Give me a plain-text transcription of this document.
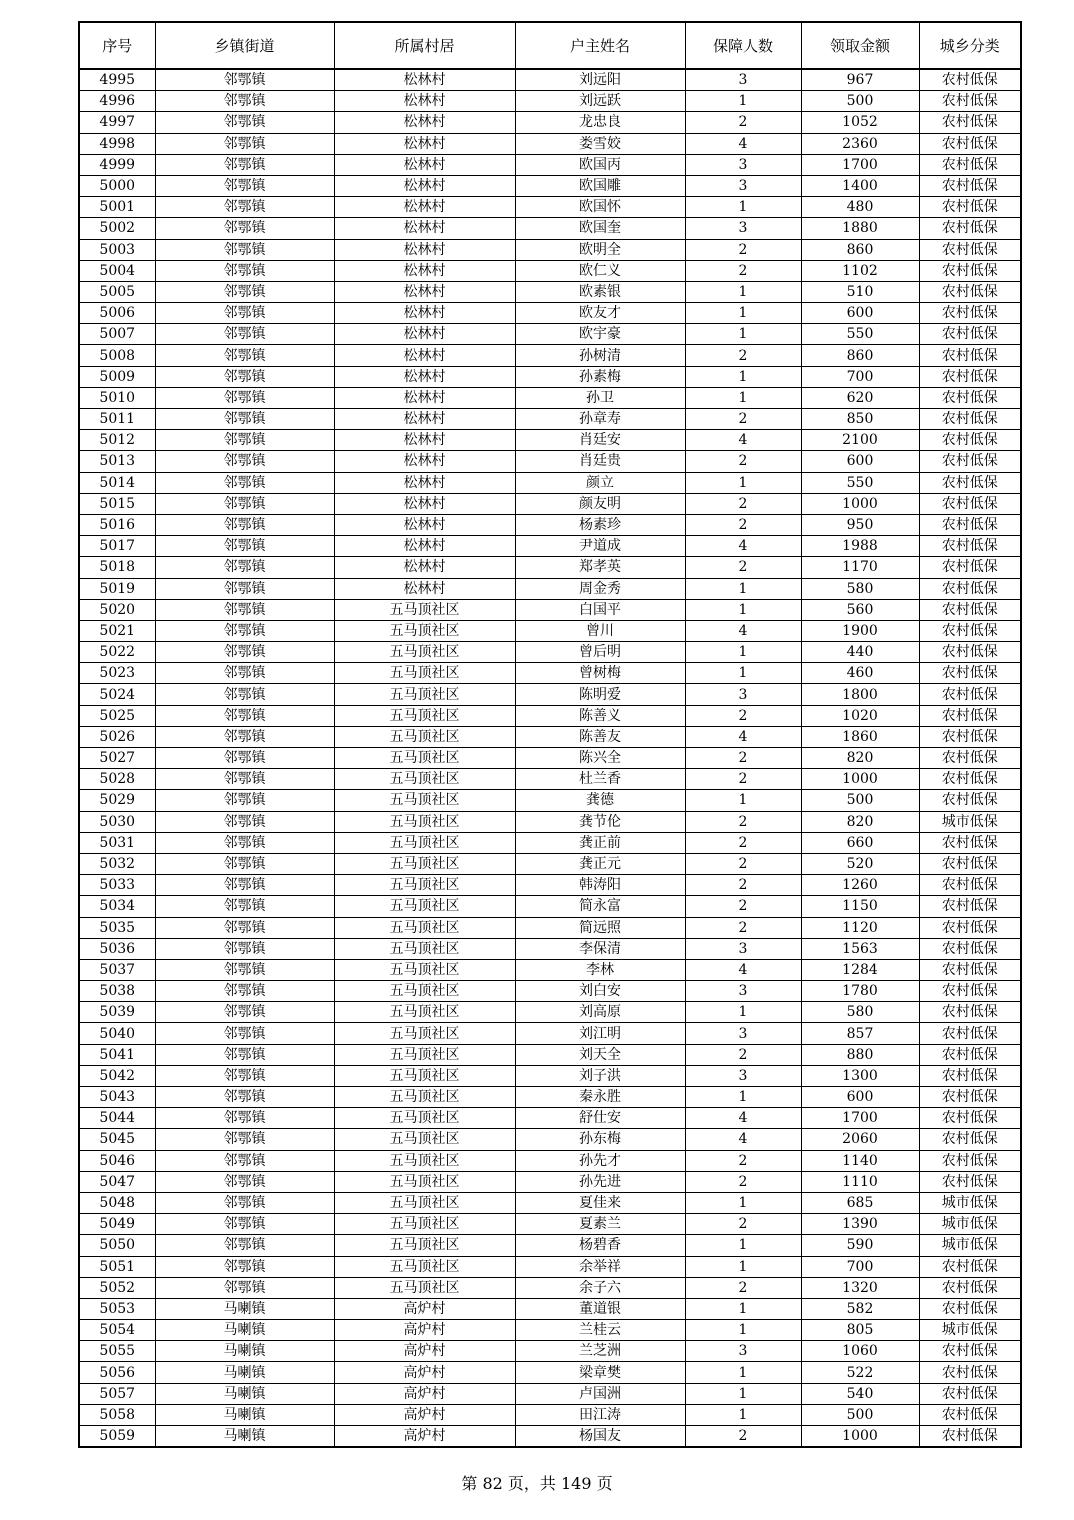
序号	乡镇街道	所属村居	户主姓名	保障人数	领取金额	城乡分类
4995	邻鄂镇	松林村	刘远阳	3	967	农村低保
4996	邻鄂镇	松林村	刘远跃	1	500	农村低保
4997	邻鄂镇	松林村	龙忠良	2	1052	农村低保
4998	邻鄂镇	松林村	娄雪姣	4	2360	农村低保
4999	邻鄂镇	松林村	欧国丙	3	1700	农村低保
5000	邻鄂镇	松林村	欧国雕	3	1400	农村低保
5001	邻鄂镇	松林村	欧国怀	1	480	农村低保
5002	邻鄂镇	松林村	欧国奎	3	1880	农村低保
5003	邻鄂镇	松林村	欧明全	2	860	农村低保
5004	邻鄂镇	松林村	欧仁义	2	1102	农村低保
5005	邻鄂镇	松林村	欧素银	1	510	农村低保
5006	邻鄂镇	松林村	欧友才	1	600	农村低保
5007	邻鄂镇	松林村	欧宇豪	1	550	农村低保
5008	邻鄂镇	松林村	孙树清	2	860	农村低保
5009	邻鄂镇	松林村	孙素梅	1	700	农村低保
5010	邻鄂镇	松林村	孙卫	1	620	农村低保
5011	邻鄂镇	松林村	孙章寿	2	850	农村低保
5012	邻鄂镇	松林村	肖廷安	4	2100	农村低保
5013	邻鄂镇	松林村	肖廷贵	2	600	农村低保
5014	邻鄂镇	松林村	颜立	1	550	农村低保
5015	邻鄂镇	松林村	颜友明	2	1000	农村低保
5016	邻鄂镇	松林村	杨素珍	2	950	农村低保
5017	邻鄂镇	松林村	尹道成	4	1988	农村低保
5018	邻鄂镇	松林村	郑孝英	2	1170	农村低保
5019	邻鄂镇	松林村	周金秀	1	580	农村低保
5020	邻鄂镇	五马顶社区	白国平	1	560	农村低保
5021	邻鄂镇	五马顶社区	曾川	4	1900	农村低保
5022	邻鄂镇	五马顶社区	曾后明	1	440	农村低保
5023	邻鄂镇	五马顶社区	曾树梅	1	460	农村低保
5024	邻鄂镇	五马顶社区	陈明爱	3	1800	农村低保
5025	邻鄂镇	五马顶社区	陈善义	2	1020	农村低保
5026	邻鄂镇	五马顶社区	陈善友	4	1860	农村低保
5027	邻鄂镇	五马顶社区	陈兴全	2	820	农村低保
5028	邻鄂镇	五马顶社区	杜兰香	2	1000	农村低保
5029	邻鄂镇	五马顶社区	龚德	1	500	农村低保
5030	邻鄂镇	五马顶社区	龚节伦	2	820	城市低保
5031	邻鄂镇	五马顶社区	龚正前	2	660	农村低保
5032	邻鄂镇	五马顶社区	龚正元	2	520	农村低保
5033	邻鄂镇	五马顶社区	韩涛阳	2	1260	农村低保
5034	邻鄂镇	五马顶社区	简永富	2	1150	农村低保
5035	邻鄂镇	五马顶社区	简远照	2	1120	农村低保
5036	邻鄂镇	五马顶社区	李保清	3	1563	农村低保
5037	邻鄂镇	五马顶社区	李林	4	1284	农村低保
5038	邻鄂镇	五马顶社区	刘白安	3	1780	农村低保
5039	邻鄂镇	五马顶社区	刘高原	1	580	农村低保
5040	邻鄂镇	五马顶社区	刘江明	3	857	农村低保
5041	邻鄂镇	五马顶社区	刘天全	2	880	农村低保
5042	邻鄂镇	五马顶社区	刘子洪	3	1300	农村低保
5043	邻鄂镇	五马顶社区	秦永胜	1	600	农村低保
5044	邻鄂镇	五马顶社区	舒仕安	4	1700	农村低保
5045	邻鄂镇	五马顶社区	孙东梅	4	2060	农村低保
5046	邻鄂镇	五马顶社区	孙先才	2	1140	农村低保
5047	邻鄂镇	五马顶社区	孙先进	2	1110	农村低保
5048	邻鄂镇	五马顶社区	夏佳来	1	685	城市低保
5049	邻鄂镇	五马顶社区	夏素兰	2	1390	城市低保
5050	邻鄂镇	五马顶社区	杨碧香	1	590	城市低保
5051	邻鄂镇	五马顶社区	余举祥	1	700	农村低保
5052	邻鄂镇	五马顶社区	余子六	2	1320	农村低保
5053	马喇镇	高炉村	董道银	1	582	农村低保
5054	马喇镇	高炉村	兰桂云	1	805	城市低保
5055	马喇镇	高炉村	兰芝洲	3	1060	农村低保
5056	马喇镇	高炉村	梁章樊	1	522	农村低保
5057	马喇镇	高炉村	卢国洲	1	540	农村低保
5058	马喇镇	高炉村	田江涛	1	500	农村低保
5059	马喇镇	高炉村	杨国友	2	1000	农村低保
第 82 页，共 149 页
